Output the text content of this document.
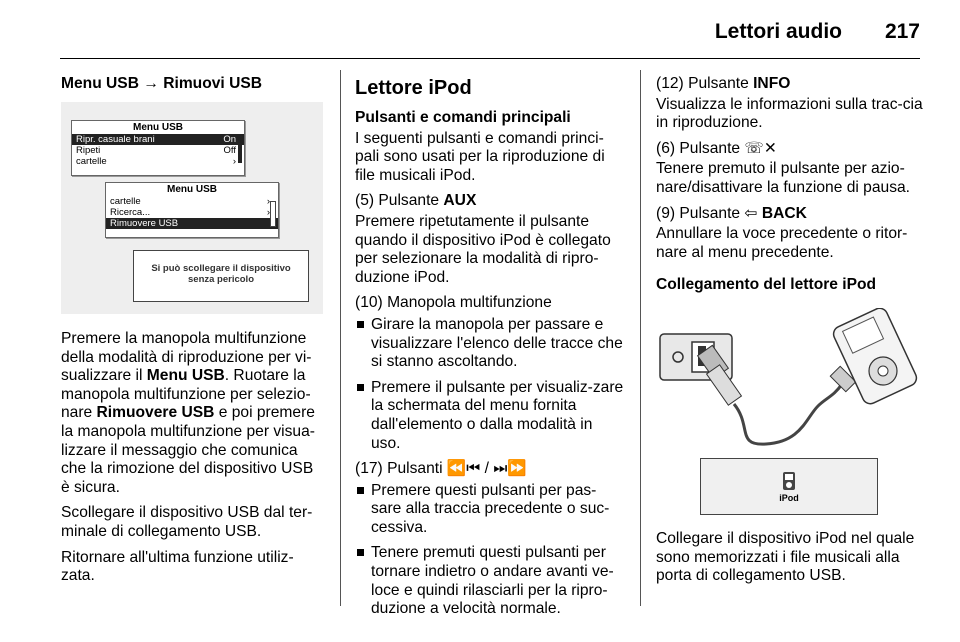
Lettori audio 217

Menu USB → Rimuovi USB

Menu USB
Ripr. casuale brani	On
Ripeti	Off
cartelle	›
Menu USB
cartelle	›
Ricerca...	›
Rimuovere USB
Si può scollegare il dispositivo
senza pericolo

Premere la manopola multifunzione della modalità di riproduzione per vi-sualizzare il Menu USB. Ruotare la manopola multifunzione per selezio-nare Rimuovere USB e poi premere la manopola multifunzione per visua-lizzare il messaggio che comunica che la rimozione del dispositivo USB è sicura.

Scollegare il dispositivo USB dal ter-minale di collegamento USB.

Ritornare all'ultima funzione utiliz-zata.

Lettore iPod
Pulsanti e comandi principali

I seguenti pulsanti e comandi princi-pali sono usati per la riproduzione di file musicali iPod.

(5) Pulsante AUX

Premere ripetutamente il pulsante quando il dispositivo iPod è collegato per selezionare la modalità di ripro-duzione iPod.

(10) Manopola multifunzione

Girare la manopola per passare e visualizzare l'elenco delle tracce che si stanno ascoltando.
Premere il pulsante per visualiz-zare la schermata del menu fornita dall'elemento o dalla modalità in uso.

(17) Pulsanti ⏪⏮ / ⏭⏩

Premere questi pulsanti per pas-sare alla traccia precedente o suc-cessiva.
Tenere premuti questi pulsanti per tornare indietro o andare avanti ve-loce e quindi rilasciarli per la ripro-duzione a velocità normale.

(12) Pulsante INFO

Visualizza le informazioni sulla trac-cia in riproduzione.

(6) Pulsante ☏✕

Tenere premuto il pulsante per azio-nare/disattivare la funzione di pausa.

(9) Pulsante ⇦ BACK

Annullare la voce precedente o ritor-nare al menu precedente.

Collegamento del lettore iPod

iPod

Collegare il dispositivo iPod nel quale sono memorizzati i file musicali alla porta di collegamento USB.
